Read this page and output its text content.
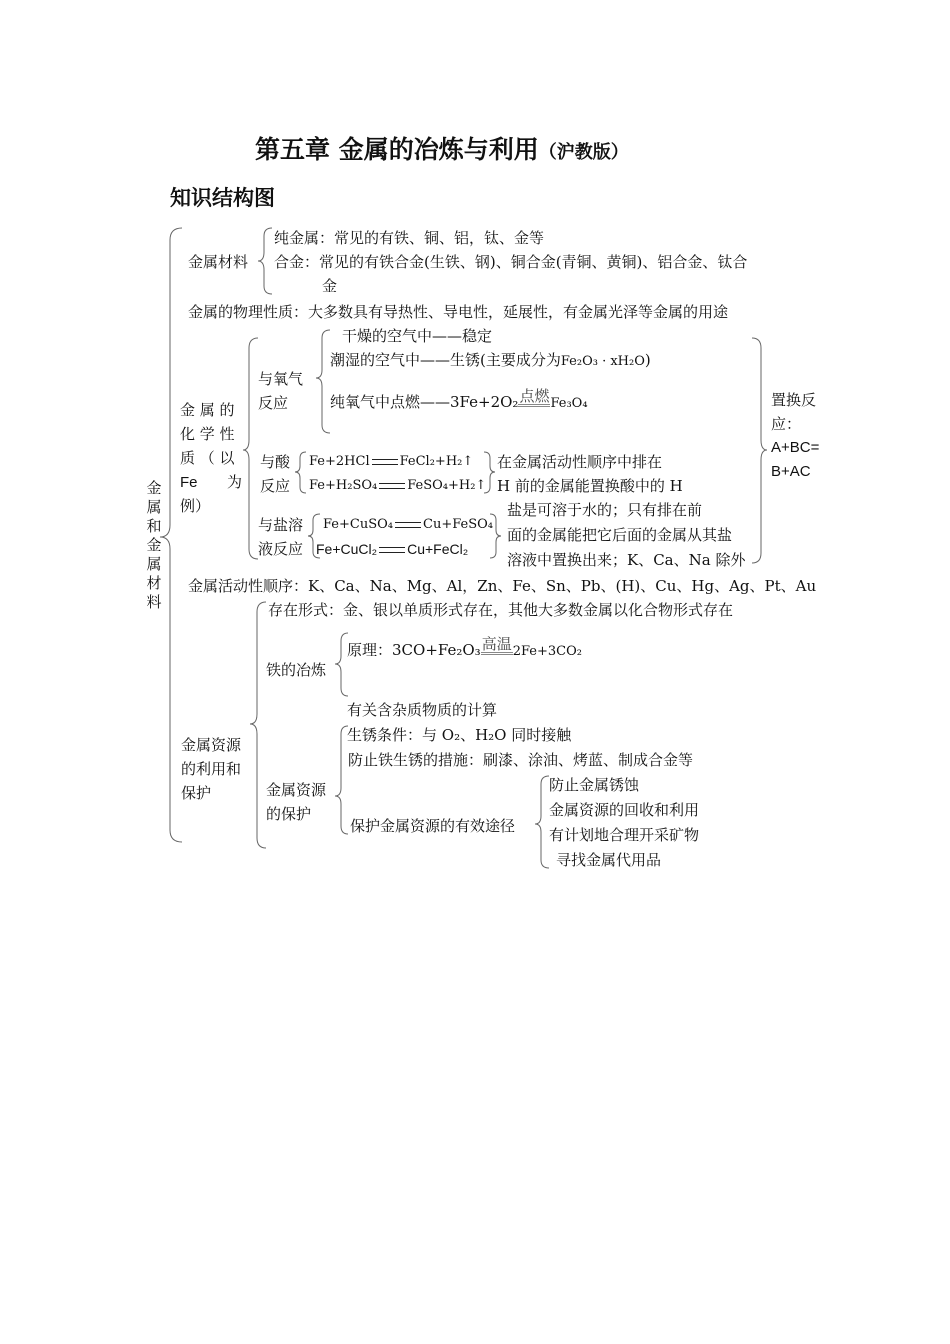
第五章 金属的冶炼与利用（沪教版）
知识结构图
金属和金属材料
金属材料
纯金属：常见的有铁、铜、铝，钛、金等
合金：常见的有铁合金(生铁、钢)、铜合金(青铜、黄铜)、铝合金、钛合
金
金属的物理性质：大多数具有导热性、导电性，延展性，有金属光泽等金属的用途
金 属 的
化 学 性
质 （ 以
Fe 为
例）
与氧气
反应
干燥的空气中——稳定
潮湿的空气中——生锈(主要成分为Fe₂O₃ · xH₂O)
纯氧气中点燃——3Fe+2O₂点燃Fe₃O₄
与酸
反应
Fe+2HCl FeCl₂+H₂↑
Fe+H₂SO₄ FeSO₄+H₂↑
在金属活动性顺序中排在
H 前的金属能置换酸中的 H
与盐溶
液反应
Fe+CuSO₄ Cu+FeSO₄
Fe+CuCl₂ Cu+FeCl₂
盐是可溶于水的；只有排在前
面的金属能把它后面的金属从其盐
溶液中置换出来；K、Ca、Na 除外
置换反
应：
A+BC=
B+AC
金属活动性顺序：K、Ca、Na、Mg、Al，Zn、Fe、Sn、Pb、(H)、Cu、Hg、Ag、Pt、Au
金属资源
的利用和
保护
存在形式：金、银以单质形式存在，其他大多数金属以化合物形式存在
铁的冶炼
原理：3CO+Fe₂O₃高温2Fe+3CO₂
有关含杂质物质的计算
金属资源
的保护
生锈条件：与 O₂、H₂O 同时接触
防止铁生锈的措施：刷漆、涂油、烤蓝、制成合金等
保护金属资源的有效途径
防止金属锈蚀
金属资源的回收和利用
有计划地合理开采矿物
寻找金属代用品
